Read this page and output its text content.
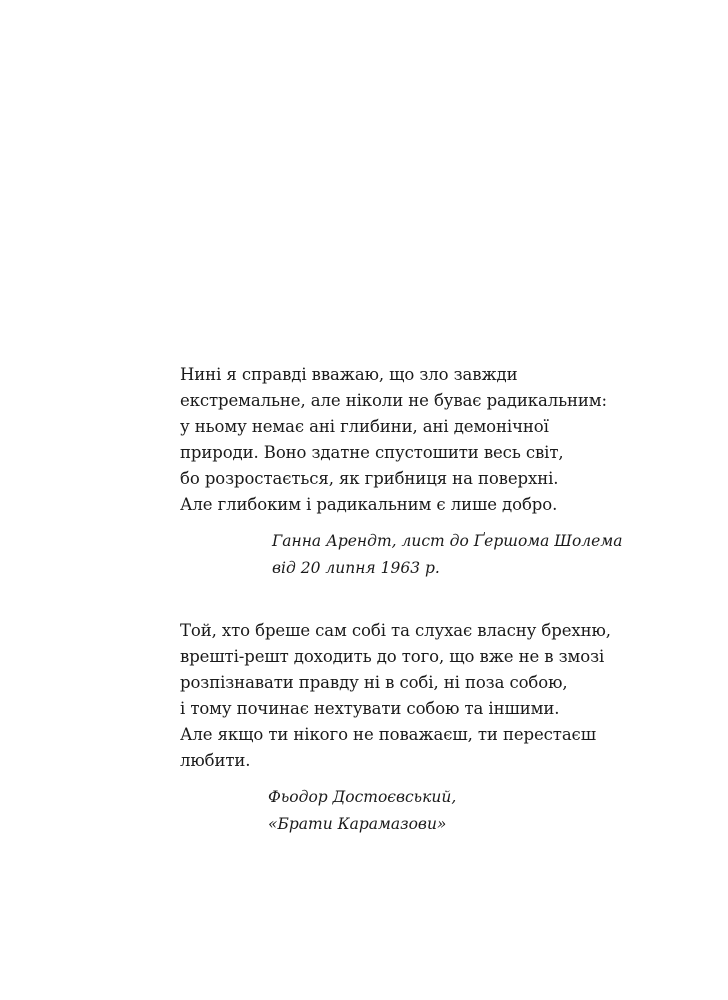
Нині я справді вважаю, що зло завжди
екстремальне, але ніколи не буває радикальним:
у ньому немає ані глибини, ані демонічної
природи. Воно здатне спустошити весь світ,
бо розростається, як грибниця на поверхні.
Але глибоким і радикальним є лише добро.
Ганна Арендт, лист до Ґершома Шолема
від 20 липня 1963 р.
Той, хто бреше сам собі та слухає власну брехню,
врешті-решт доходить до того, що вже не в змозі
розпізнавати правду ні в собі, ні поза собою,
і тому починає нехтувати собою та іншими.
Але якщо ти нікого не поважаєш, ти перестаєш
любити.
Фьодор Достоєвський,
«Брати Карамазови»
